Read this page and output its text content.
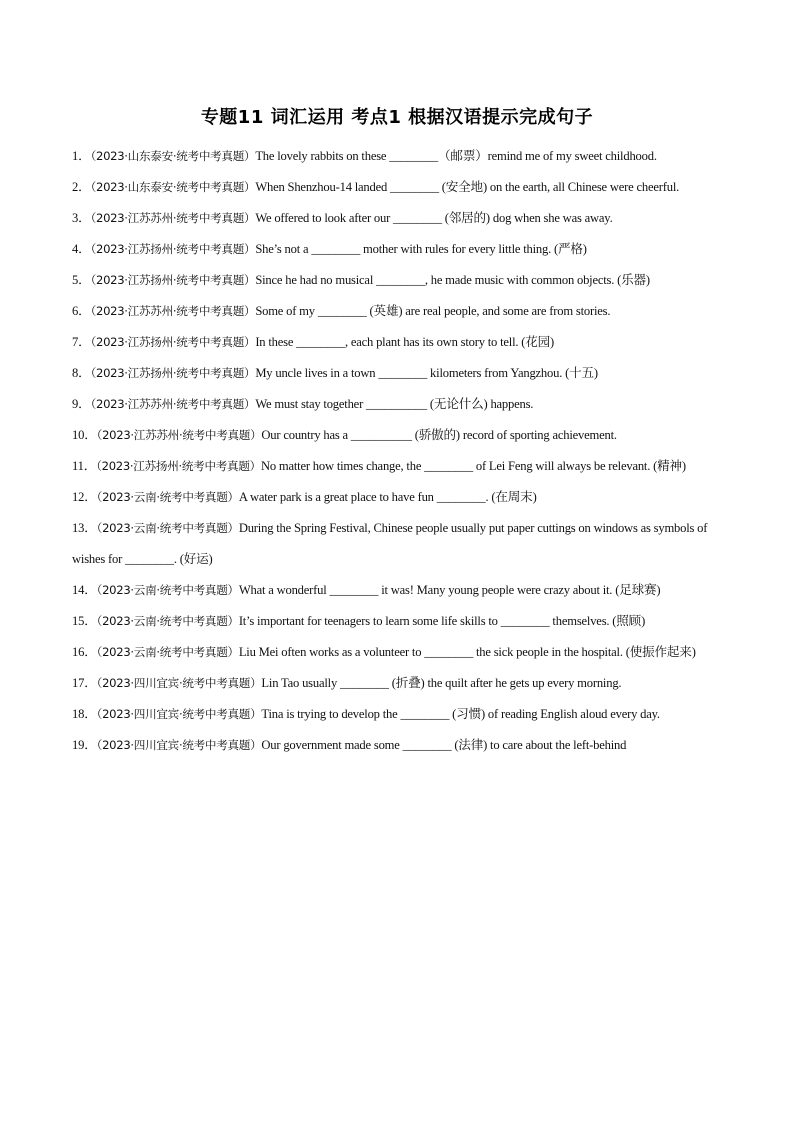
专题11 词汇运用 考点1 根据汉语提示完成句子

1．（2023·山东泰安·统考中考真题）The lovely rabbits on these ________（邮票）remind me of my sweet childhood.

2．（2023·山东泰安·统考中考真题）When Shenzhou-14 landed ________ (安全地) on the earth, all Chinese were cheerful.

3．（2023·江苏苏州·统考中考真题）We offered to look after our ________ (邻居的) dog when she was away.

4．（2023·江苏扬州·统考中考真题）She’s not a ________ mother with rules for every little thing. (严格)

5．（2023·江苏扬州·统考中考真题）Since he had no musical ________, he made music with common objects. (乐器)

6．（2023·江苏苏州·统考中考真题）Some of my ________ (英雄) are real people, and some are from stories.

7．（2023·江苏扬州·统考中考真题）In these ________, each plant has its own story to tell. (花园)

8．（2023·江苏扬州·统考中考真题）My uncle lives in a town ________ kilometers from Yangzhou. (十五)

9．（2023·江苏苏州·统考中考真题）We must stay together __________ (无论什么) happens.

10．（2023·江苏苏州·统考中考真题）Our country has a __________ (骄傲的) record of sporting achievement.

11．（2023·江苏扬州·统考中考真题）No matter how times change, the ________ of Lei Feng will always be relevant. (精神)

12．（2023·云南·统考中考真题）A water park is a great place to have fun ________. (在周末)

13．（2023·云南·统考中考真题）During the Spring Festival, Chinese people usually put paper cuttings on windows as symbols of wishes for ________. (好运)

14．（2023·云南·统考中考真题）What a wonderful ________ it was! Many young people were crazy about it. (足球赛)

15．（2023·云南·统考中考真题）It’s important for teenagers to learn some life skills to ________ themselves. (照顾)

16．（2023·云南·统考中考真题）Liu Mei often works as a volunteer to ________ the sick people in the hospital. (使振作起来)

17．（2023·四川宜宾·统考中考真题）Lin Tao usually ________ (折叠) the quilt after he gets up every morning.

18．（2023·四川宜宾·统考中考真题）Tina is trying to develop the ________ (习惯) of reading English aloud every day.

19．（2023·四川宜宾·统考中考真题）Our government made some ________ (法律) to care about the left-behind
